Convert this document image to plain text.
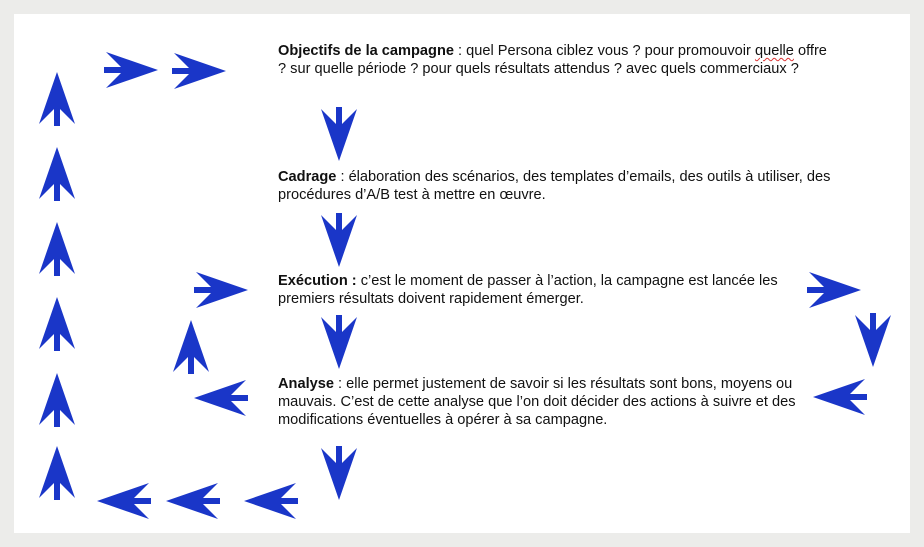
Objectifs de la campagne : quel Persona ciblez vous ? pour promouvoir quelle offre ? sur quelle période ? pour quels résultats attendus ? avec quels commerciaux ?

Cadrage : élaboration des scénarios, des templates d’emails, des outils à utiliser, des procédures d’A/B test à mettre en œuvre.

Exécution : c’est le moment de passer à l’action, la campagne est lancée les premiers résultats doivent rapidement émerger.

Analyse : elle permet justement de savoir si les résultats sont bons, moyens ou mauvais. C’est de cette analyse que l’on doit décider des actions à suivre et des modifications éventuelles à opérer à sa campagne.
